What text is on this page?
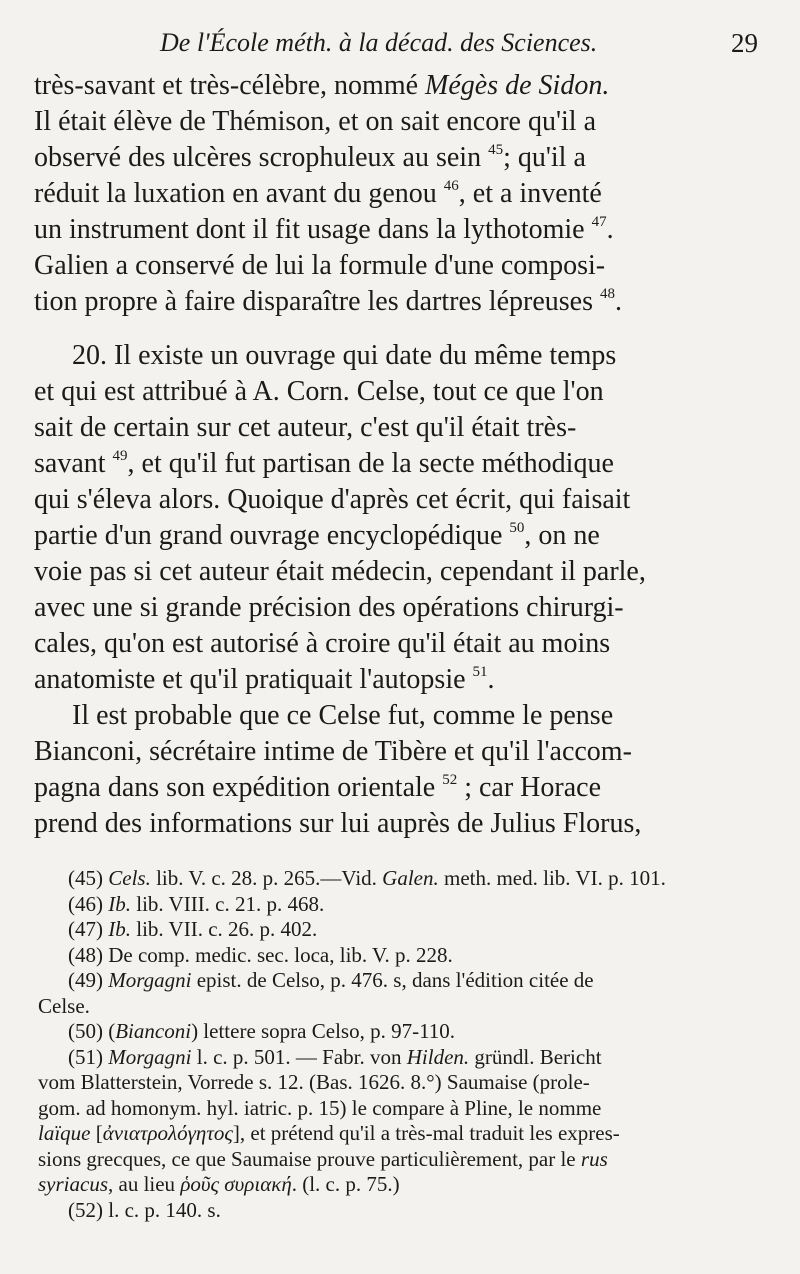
De l'École méth. à la décad. des Sciences.	29
très-savant et très-célèbre, nommé Mégès de Sidon.
Il était élève de Thémison, et on sait encore qu'il a
observé des ulcères scrophuleux au sein $^{45}$; qu'il a
réduit la luxation en avant du genou $^{46}$, et a inventé
un instrument dont il fit usage dans la lythotomie $^{47}$.
Galien a conservé de lui la formule d'une composi-
tion propre à faire disparaître les dartres lépreuses $^{48}$.
20. Il existe un ouvrage qui date du même temps
et qui est attribué à A. Corn. Celse, tout ce que l'on
sait de certain sur cet auteur, c'est qu'il était très-
savant $^{49}$, et qu'il fut partisan de la secte méthodique
qui s'éleva alors. Quoique d'après cet écrit, qui faisait
partie d'un grand ouvrage encyclopédique $^{50}$, on ne
voie pas si cet auteur était médecin, cependant il parle,
avec une si grande précision des opérations chirurgi-
cales, qu'on est autorisé à croire qu'il était au moins
anatomiste et qu'il pratiquait l'autopsie $^{51}$.
Il est probable que ce Celse fut, comme le pense
Bianconi, sécrétaire intime de Tibère et qu'il l'accom-
pagna dans son expédition orientale $^{52}$ ; car Horace
prend des informations sur lui auprès de Julius Florus,
(45) Cels. lib. V. c. 28. p. 265.—Vid. Galen. meth. med. lib. VI. p. 101.
(46) Ib. lib. VIII. c. 21. p. 468.
(47) Ib. lib. VII. c. 26. p. 402.
(48) De comp. medic. sec. loca, lib. V. p. 228.
(49) Morgagni epist. de Celso, p. 476. s, dans l'édition citée de
Celse.
(50) (Bianconi) lettere sopra Celso, p. 97-110.
(51) Morgagni l. c. p. 501. — Fabr. von Hilden. gründl. Bericht
vom Blatterstein, Vorrede s. 12. (Bas. 1626. 8.°) Saumaise (prole-
gom. ad homonym. hyl. iatric. p. 15) le compare à Pline, le nomme
laïque [ἀνιατρολόγητος], et prétend qu'il a très-mal traduit les expres-
sions grecques, ce que Saumaise prouve particulièrement, par le rus
syriacus, au lieu ῥοῦς συριακή. (l. c. p. 75.)
(52) l. c. p. 140. s.
